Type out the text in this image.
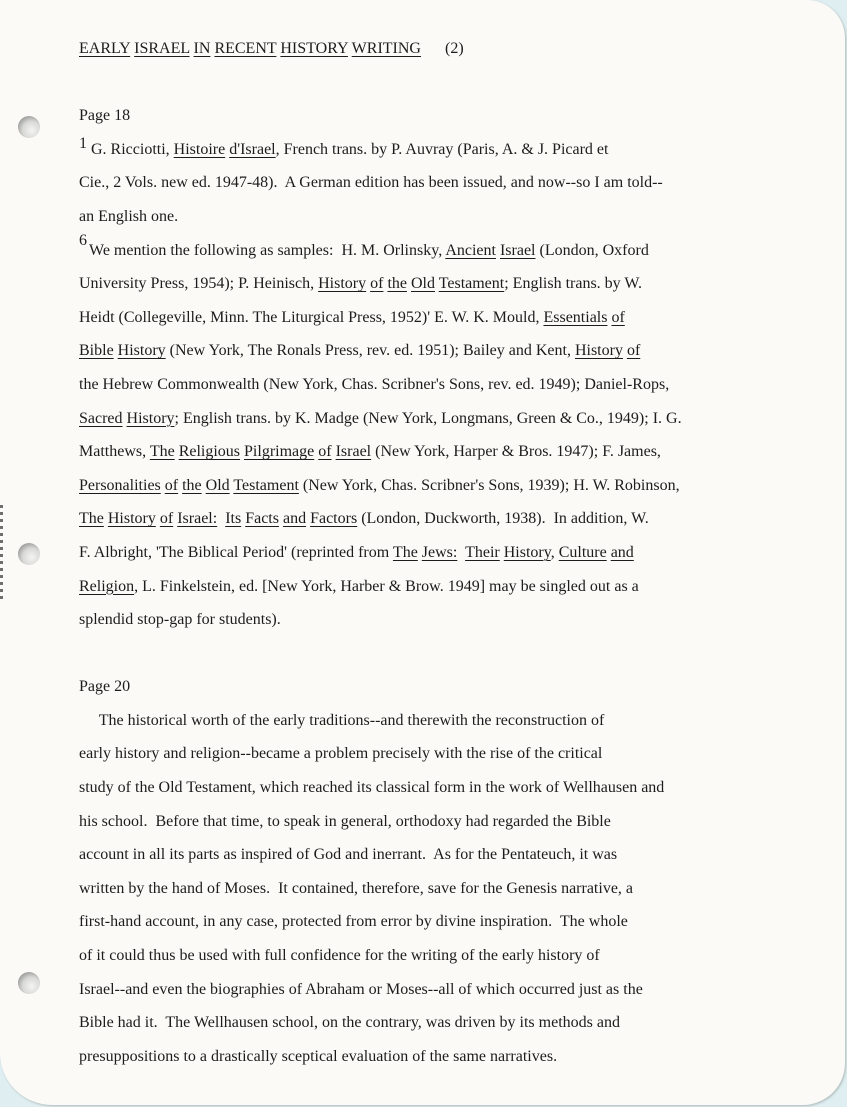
EARLY ISRAEL IN RECENT HISTORY WRITING (2)
Page 18
1 G. Ricciotti, Histoire d'Israel, French trans. by P. Auvray (Paris, A. & J. Picard et
Cie., 2 Vols. new ed. 1947-48).  A German edition has been issued, and now--so I am told--
an English one.
6We mention the following as samples:  H. M. Orlinsky, Ancient Israel (London, Oxford
University Press, 1954); P. Heinisch, History of the Old Testament; English trans. by W.
Heidt (Collegeville, Minn. The Liturgical Press, 1952)' E. W. K. Mould, Essentials of
Bible History (New York, The Ronals Press, rev. ed. 1951); Bailey and Kent, History of
the Hebrew Commonwealth (New York, Chas. Scribner's Sons, rev. ed. 1949); Daniel-Rops,
Sacred History; English trans. by K. Madge (New York, Longmans, Green & Co., 1949); I. G.
Matthews, The Religious Pilgrimage of Israel (New York, Harper & Bros. 1947); F. James,
Personalities of the Old Testament (New York, Chas. Scribner's Sons, 1939); H. W. Robinson,
The History of Israel: Its Facts and Factors (London, Duckworth, 1938).  In addition, W.
F. Albright, 'The Biblical Period' (reprinted from The Jews: Their History, Culture and
Religion, L. Finkelstein, ed. [New York, Harber & Brow. 1949] may be singled out as a
splendid stop-gap for students).
Page 20
The historical worth of the early traditions--and therewith the reconstruction of
early history and religion--became a problem precisely with the rise of the critical
study of the Old Testament, which reached its classical form in the work of Wellhausen and
his school.  Before that time, to speak in general, orthodoxy had regarded the Bible
account in all its parts as inspired of God and inerrant.  As for the Pentateuch, it was
written by the hand of Moses.  It contained, therefore, save for the Genesis narrative, a
first-hand account, in any case, protected from error by divine inspiration.  The whole
of it could thus be used with full confidence for the writing of the early history of
Israel--and even the biographies of Abraham or Moses--all of which occurred just as the
Bible had it.  The Wellhausen school, on the contrary, was driven by its methods and
presuppositions to a drastically sceptical evaluation of the same narratives.
